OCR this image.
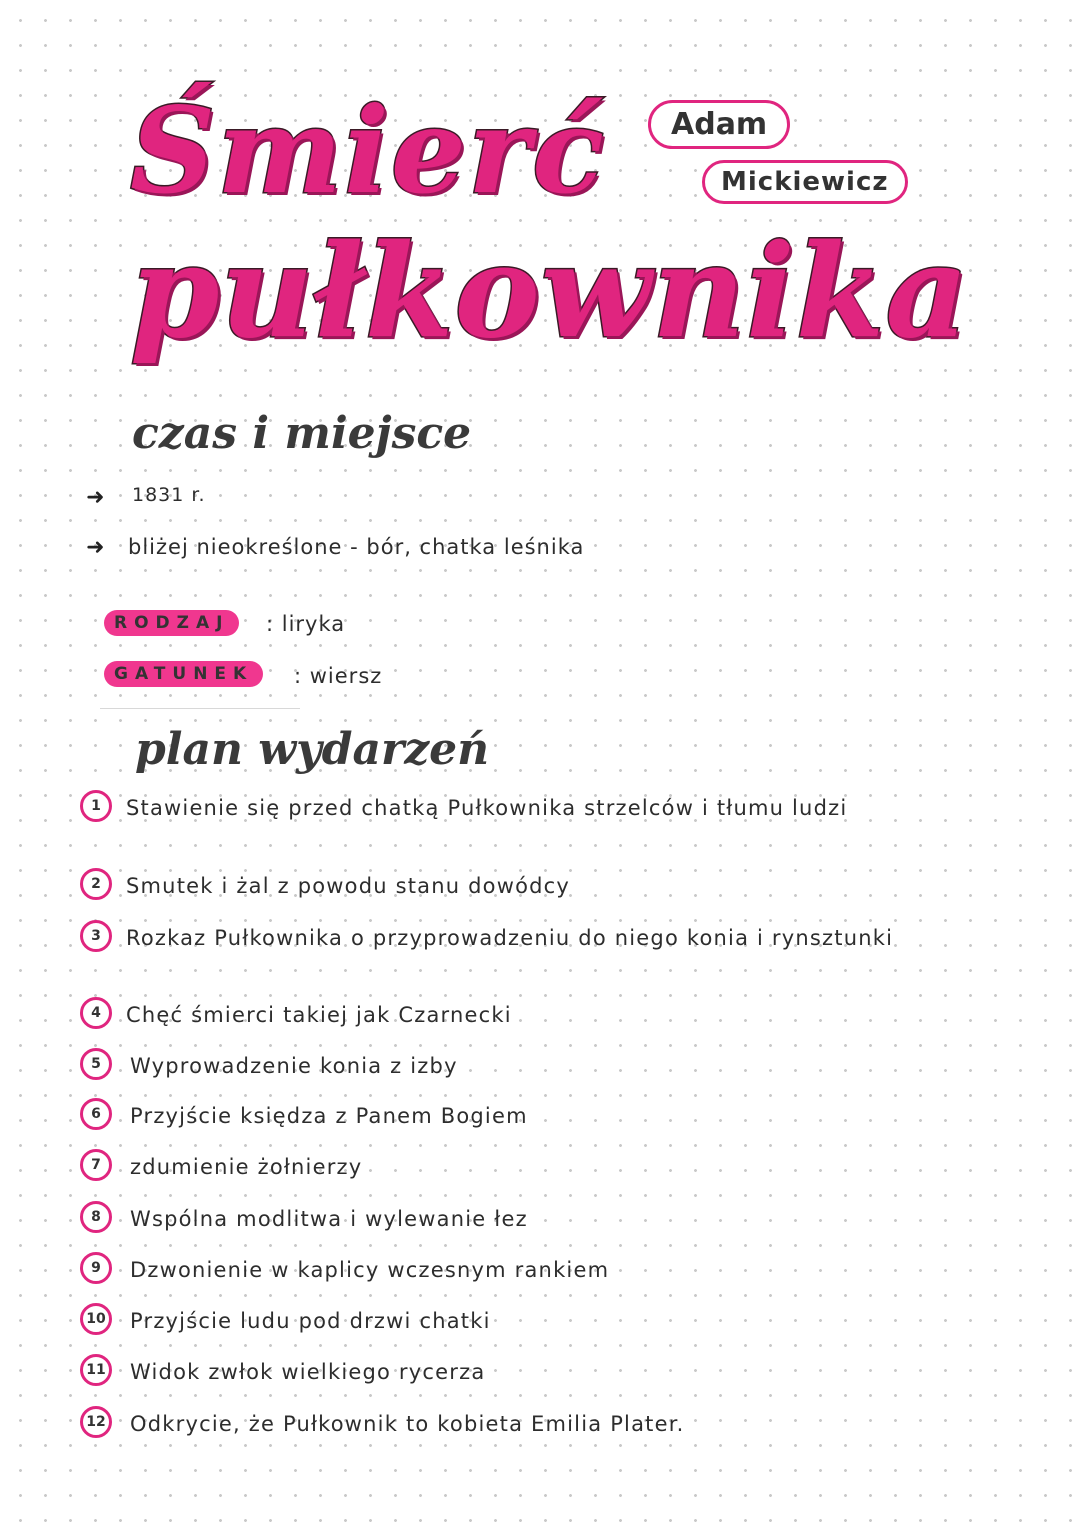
Śmierć
pułkownika
Adam
Mickiewicz
czas i miejsce
➜ 1831 r.
➜ bliżej nieokreślone - bór, chatka leśnika
RODZAJ	: liryka
GATUNEK	: wiersz
plan wydarzeń
1	Stawienie się przed chatką Pułkownika strzelców i tłumu ludzi
2	Smutek i żal z powodu stanu dowódcy
3	Rozkaz Pułkownika o przyprowadzeniu do niego konia i rynsztunki
4	Chęć śmierci takiej jak Czarnecki
5	Wyprowadzenie konia z izby
6	Przyjście księdza z Panem Bogiem
7	zdumienie żołnierzy
8	Wspólna modlitwa i wylewanie łez
9	Dzwonienie w kaplicy wczesnym rankiem
10 Przyjście ludu pod drzwi chatki
11 Widok zwłok wielkiego rycerza
12 Odkrycie, że Pułkownik to kobieta Emilia Plater.
